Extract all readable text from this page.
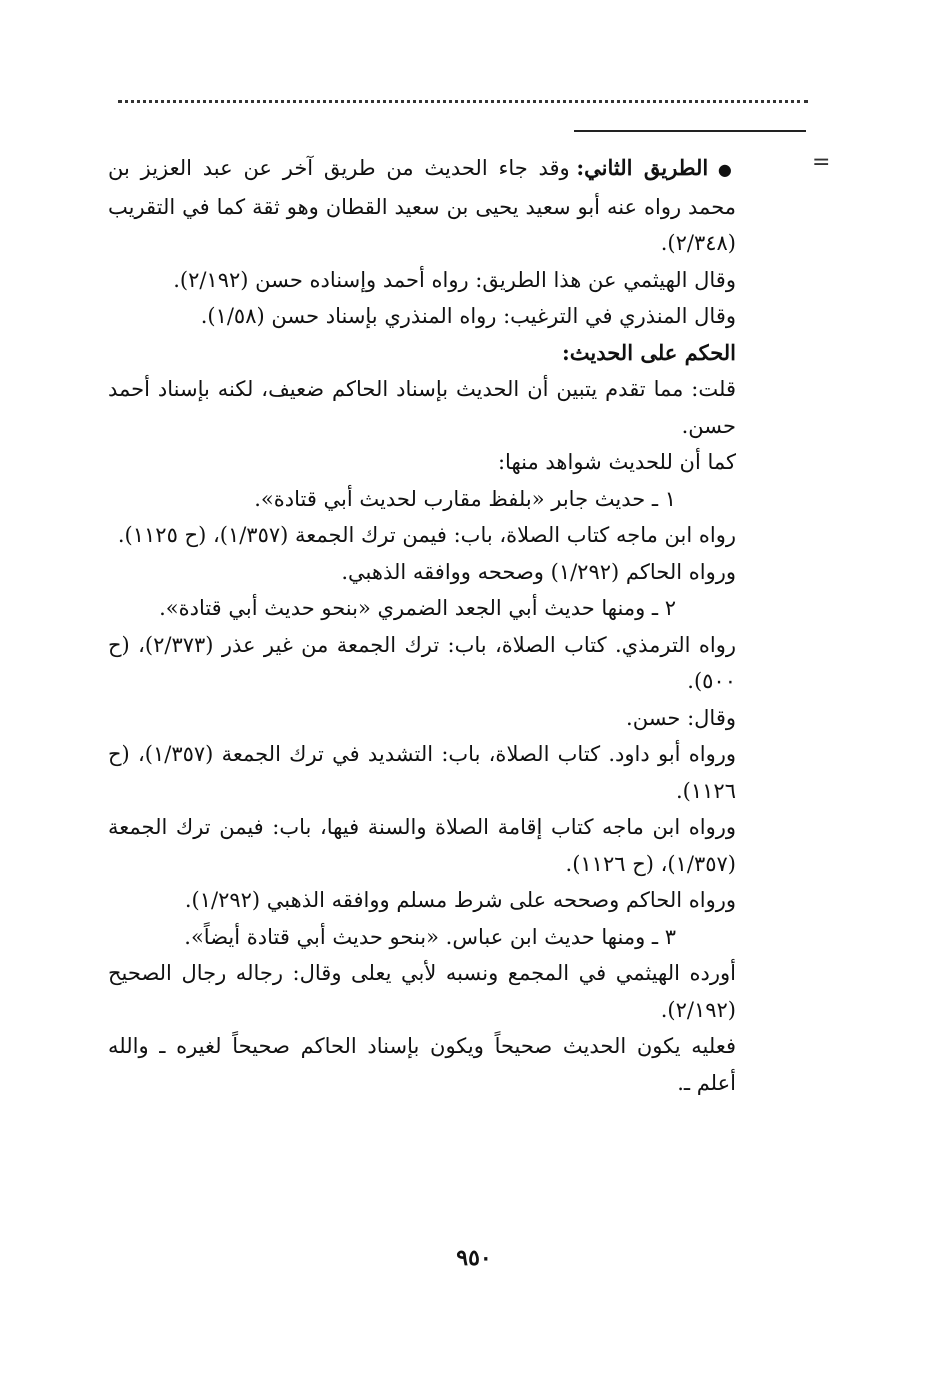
=

● الطريق الثاني: وقد جاء الحديث من طريق آخر عن عبد العزيز بن محمد رواه عنه أبو سعيد يحيى بن سعيد القطان وهو ثقة كما في التقريب (٢/٣٤٨).

وقال الهيثمي عن هذا الطريق: رواه أحمد وإسناده حسن (٢/١٩٢).

وقال المنذري في الترغيب: رواه المنذري بإسناد حسن (١/٥٨).

الحكم على الحديث:

قلت: مما تقدم يتبين أن الحديث بإسناد الحاكم ضعيف، لكنه بإسناد أحمد حسن.

كما أن للحديث شواهد منها:

١ ـ حديث جابر «بلفظ مقارب لحديث أبي قتادة».

رواه ابن ماجه كتاب الصلاة، باب: فيمن ترك الجمعة (١/٣٥٧)، (ح ١١٢٥).

ورواه الحاكم (١/٢٩٢) وصححه ووافقه الذهبي.

٢ ـ ومنها حديث أبي الجعد الضمري «بنحو حديث أبي قتادة».

رواه الترمذي. كتاب الصلاة، باب: ترك الجمعة من غير عذر (٢/٣٧٣)، (ح ٥٠٠).

وقال: حسن.

ورواه أبو داود. كتاب الصلاة، باب: التشديد في ترك الجمعة (١/٣٥٧)، (ح ١١٢٦).

ورواه ابن ماجه كتاب إقامة الصلاة والسنة فيها، باب: فيمن ترك الجمعة (١/٣٥٧)، (ح ١١٢٦).

ورواه الحاكم وصححه على شرط مسلم ووافقه الذهبي (١/٢٩٢).

٣ ـ ومنها حديث ابن عباس. «بنحو حديث أبي قتادة أيضاً».

أورده الهيثمي في المجمع ونسبه لأبي يعلى وقال: رجاله رجال الصحيح (٢/١٩٢).

فعليه يكون الحديث صحيحاً ويكون بإسناد الحاكم صحيحاً لغيره ـ والله أعلم ـ.

٩٥٠
